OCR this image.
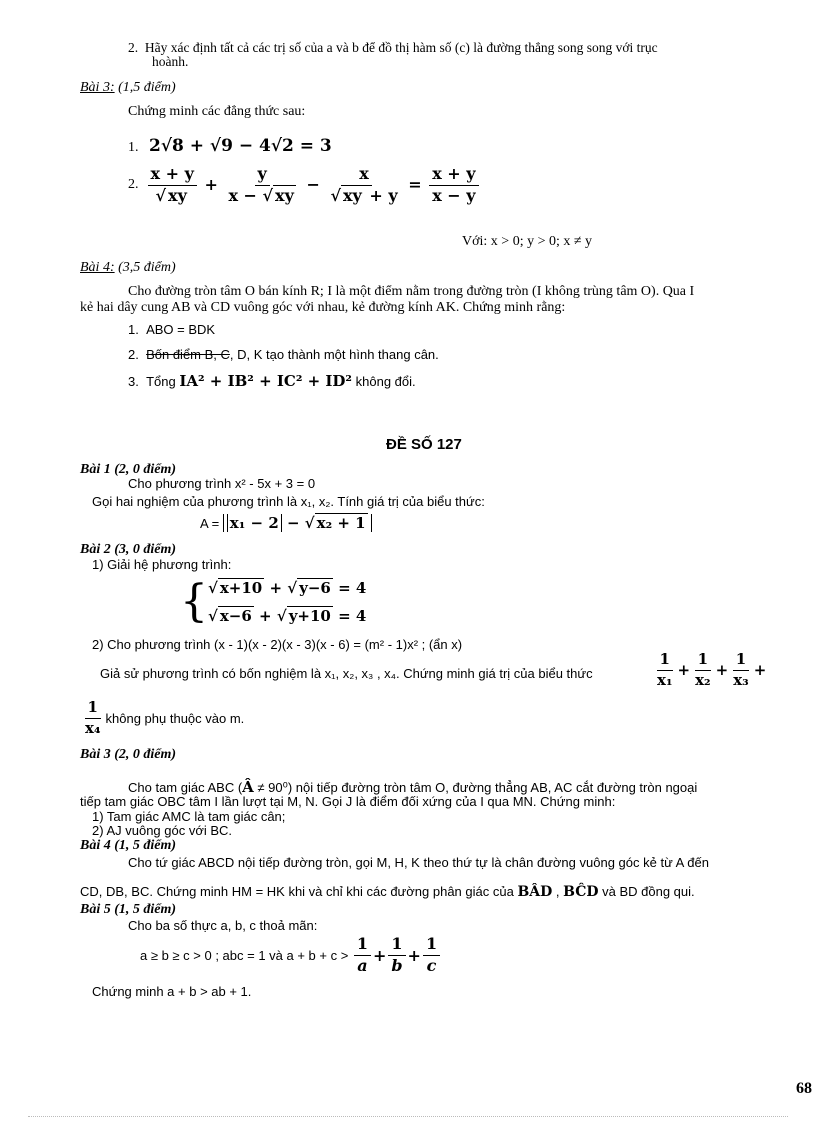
2. Hãy xác định tất cả các trị số của a và b để đồ thị hàm số (c) là đường thẳng song song với trục
hoành.
Bài 3: (1,5 điểm)
Chứng minh các đẳng thức sau:
1. 2√8 + √9 − 4√2 = 3
2.
$\frac{x + y}{√ xy} + \frac{y}{x - √ xy} - \frac{x}{√ xy + y} = \frac{x + y}{x - y}$
Với: x > 0; y > 0; x ≠ y
Bài 4: (3,5 điểm)
Cho đường tròn tâm O bán kính R; I là một điểm nằm trong đường tròn (I không trùng tâm O). Qua I
kẻ hai dây cung AB và CD vuông góc với nhau, kẻ đường kính AK. Chứng minh rằng:
1. ABO = BDK
2. Bốn điểm B, C, D, K tạo thành một hình thang cân.
3. Tổng IA² + IB² + IC² + ID² không đổi.
ĐỀ SỐ 127
Bài 1 (2, 0 điểm)
Cho phương trình x² - 5x + 3 = 0
Gọi hai nghiệm của phương trình là x₁, x₂. Tính giá trị của biểu thức:
A =
x₁ − 2 − √ x₂ + 1
Bài 2 (3, 0 điểm)
1) Giải hệ phương trình:
{ √ x+10 + √ y−6 = 4
√ x−6 + √ y+10 = 4
2) Cho phương trình (x - 1)(x - 2)(x - 3)(x - 6) = (m² - 1)x² ; (ẩn x)
Giả sử phương trình có bốn nghiệm là x₁, x₂, x₃ , x₄. Chứng minh giá trị của biểu thức	$\frac{1}{\text{x₁}} + \frac{1}{\text{x₂}} + \frac{1}{\text{x₃}}$ +
$\frac{1}{\text{x₄}}$ không phụ thuộc vào m.
Bài 3 (2, 0 điểm)
Cho tam giác ABC (Â ≠ 90⁰) nội tiếp đường tròn tâm O, đường thẳng AB, AC cắt đường tròn ngoại
tiếp tam giác OBC tâm I lần lượt tại M, N. Gọi J là điểm đối xứng của I qua MN. Chứng minh:
1) Tam giác AMC là tam giác cân;
2) AJ vuông góc với BC.
Bài 4 (1, 5 điểm)
Cho tứ giác ABCD nội tiếp đường tròn, gọi M, H, K theo thứ tự là chân đường vuông góc kẻ từ A đến
CD, DB, BC. Chứng minh HM = HK khi và chỉ khi các đường phân giác của BÂD , BĈD và BD đồng qui.
Bài 5 (1, 5 điểm)
Cho ba số thực a, b, c thoả mãn:
a ≥ b ≥ c > 0 ; abc = 1 và a + b + c >
$\frac{1}{a} + \frac{1}{b} + \frac{1}{c}$
Chứng minh a + b > ab + 1.
68
